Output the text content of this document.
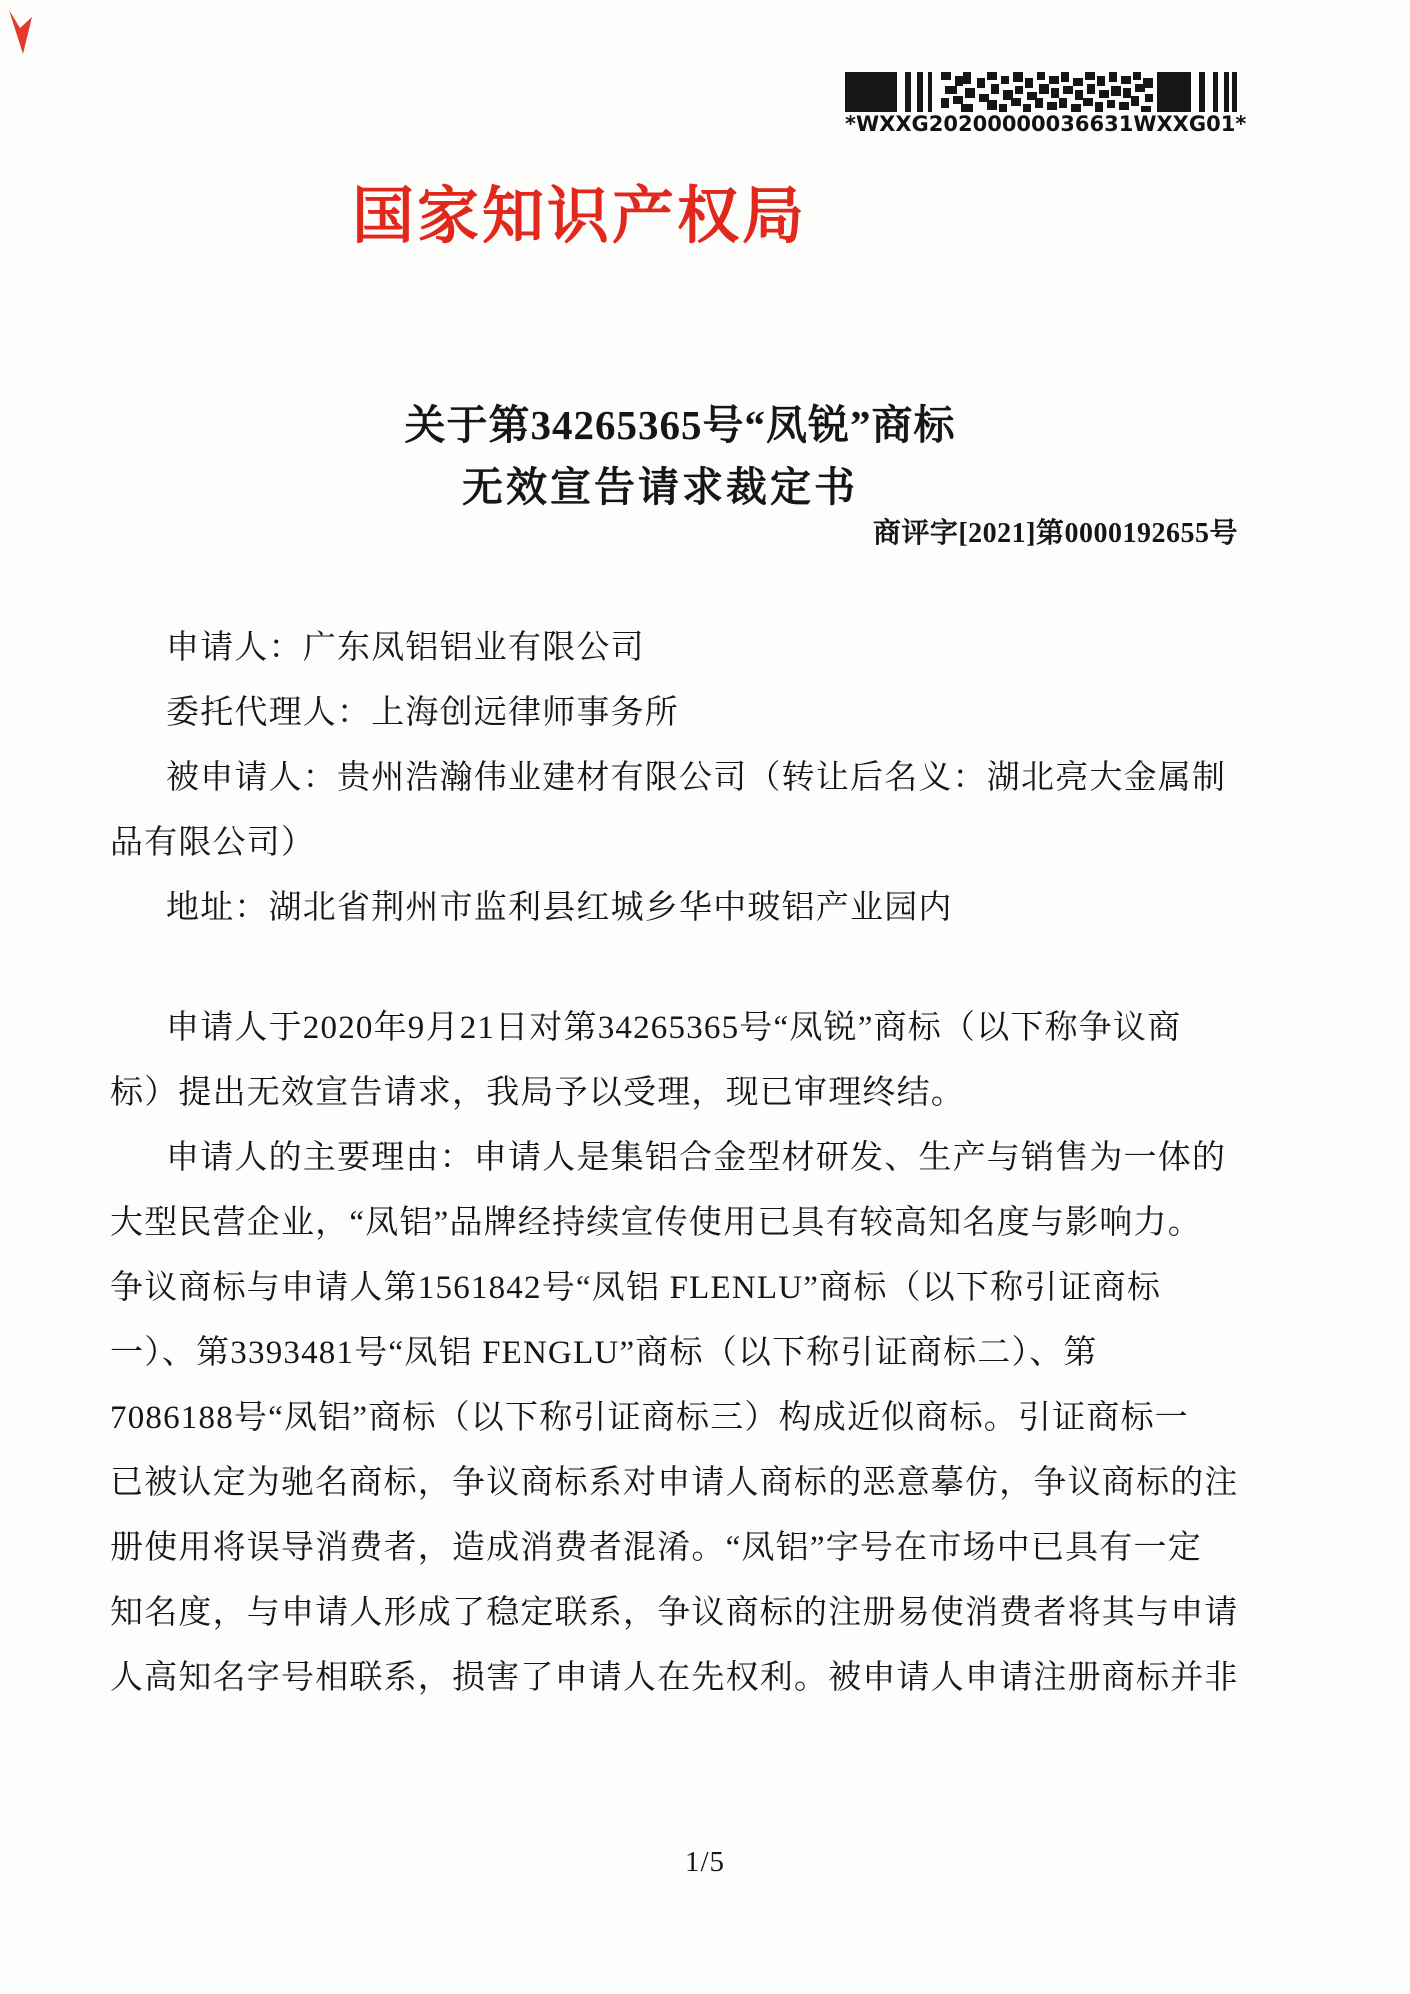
*WXXG20200000036631WXXG01*
国家知识产权局
关于第34265365号“凤锐”商标
无效宣告请求裁定书
商评字[2021]第0000192655号
申请人：广东凤铝铝业有限公司
委托代理人：上海创远律师事务所
被申请人：贵州浩瀚伟业建材有限公司（转让后名义：湖北亮大金属制
品有限公司）
地址：湖北省荆州市监利县红城乡华中玻铝产业园内
申请人于2020年9月21日对第34265365号“凤锐”商标（以下称争议商
标）提出无效宣告请求，我局予以受理，现已审理终结。
申请人的主要理由：申请人是集铝合金型材研发、生产与销售为一体的
大型民营企业，“凤铝”品牌经持续宣传使用已具有较高知名度与影响力。
争议商标与申请人第1561842号“凤铝 FLENLU”商标（以下称引证商标
一）、第3393481号“凤铝 FENGLU”商标（以下称引证商标二）、第
7086188号“凤铝”商标（以下称引证商标三）构成近似商标。引证商标一
已被认定为驰名商标，争议商标系对申请人商标的恶意摹仿，争议商标的注
册使用将误导消费者，造成消费者混淆。“凤铝”字号在市场中已具有一定
知名度，与申请人形成了稳定联系，争议商标的注册易使消费者将其与申请
人高知名字号相联系，损害了申请人在先权利。被申请人申请注册商标并非
1/5
